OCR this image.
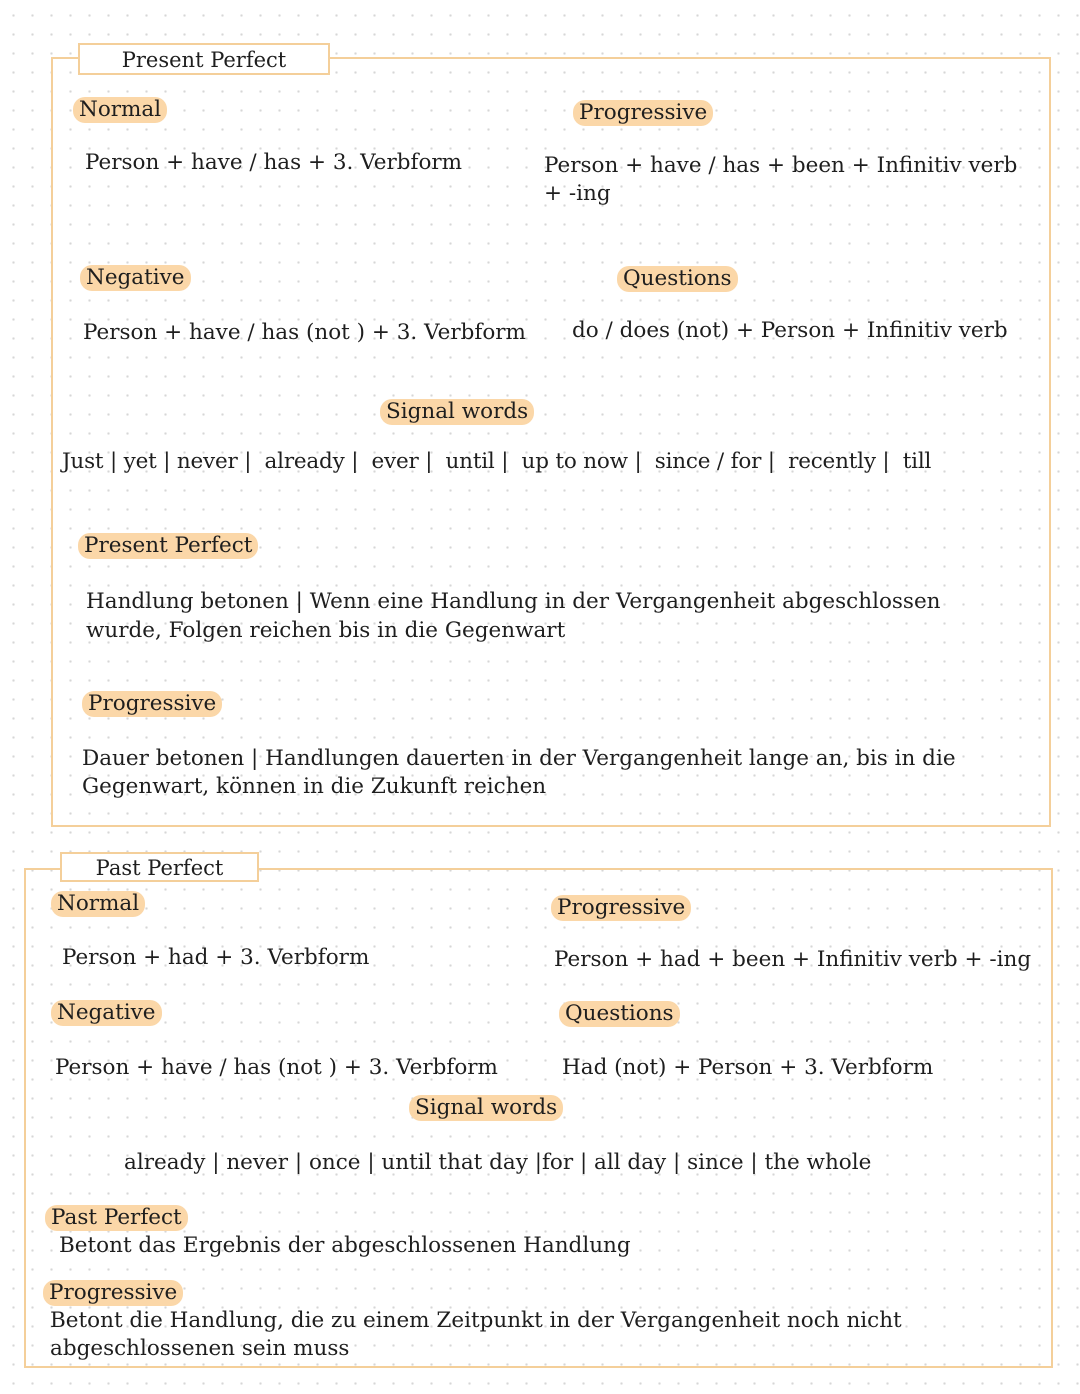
Present Perfect
Normal
Person + have / has + 3. Verbform
Progressive
Person + have / has + been + Infinitiv verb
+ -ing
Negative
Person + have / has (not ) + 3. Verbform
Questions
do / does (not) + Person + Infinitiv verb
Signal words
Just | yet | never |  already |  ever |  until |  up to now |  since / for |  recently |  till
Present Perfect
Handlung betonen | Wenn eine Handlung in der Vergangenheit abgeschlossen
wurde, Folgen reichen bis in die Gegenwart
Progressive
Dauer betonen | Handlungen dauerten in der Vergangenheit lange an, bis in die
Gegenwart, können in die Zukunft reichen
Past Perfect
Normal
Person + had + 3. Verbform
Progressive
Person + had + been + Infinitiv verb + -ing
Negative
Person + have / has (not ) + 3. Verbform
Questions
Had (not) + Person + 3. Verbform
Signal words
already | never | once | until that day |for | all day | since | the whole
Past Perfect
Betont das Ergebnis der abgeschlossenen Handlung
Progressive
Betont die Handlung, die zu einem Zeitpunkt in der Vergangenheit noch nicht
abgeschlossenen sein muss
